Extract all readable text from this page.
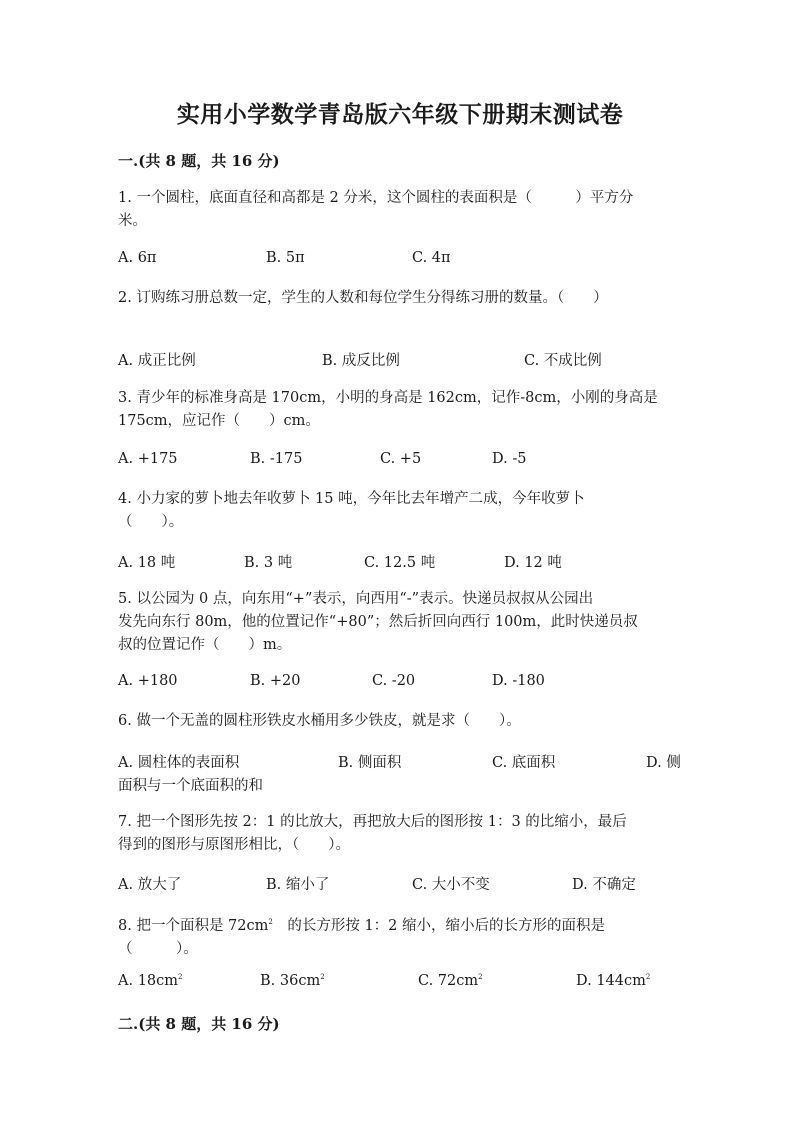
实用小学数学青岛版六年级下册期末测试卷
一.(共 8 题，共 16 分)
1. 一个圆柱，底面直径和高都是 2 分米，这个圆柱的表面积是（　　　）平方分
米。
A. 6π	B. 5π	C. 4π
2. 订购练习册总数一定，学生的人数和每位学生分得练习册的数量。（　　）
A. 成正比例	B. 成反比例	C. 不成比例
3. 青少年的标准身高是 170cm，小明的身高是 162cm，记作-8cm，小刚的身高是
175cm，应记作（　　）cm。
A. +175	B. -175	C. +5	D. -5
4. 小力家的萝卜地去年收萝卜 15 吨，今年比去年增产二成，今年收萝卜
（　　）。
A. 18 吨	B. 3 吨	C. 12.5 吨	D. 12 吨
5. 以公园为 0 点，向东用“+”表示，向西用“-”表示。快递员叔叔从公园出
发先向东行 80m，他的位置记作“+80”；然后折回向西行 100m，此时快递员叔
叔的位置记作（　　）m。
A. +180	B. +20	C. -20	D. -180
6. 做一个无盖的圆柱形铁皮水桶用多少铁皮，就是求（　　）。
A. 圆柱体的表面积	B. 侧面积	C. 底面积	D. 侧
面积与一个底面积的和
7. 把一个图形先按 2：1 的比放大，再把放大后的图形按 1：3 的比缩小，最后
得到的图形与原图形相比，（　　）。
A. 放大了	B. 缩小了	C. 大小不变	D. 不确定
8. 把一个面积是 $72cm^2$　的长方形按 1：2 缩小，缩小后的长方形的面积是
（　　　）。
A. $18cm^2$	B. $36cm^2$	C. $72cm^2$	D. $144cm^2$
二.(共 8 题，共 16 分)
